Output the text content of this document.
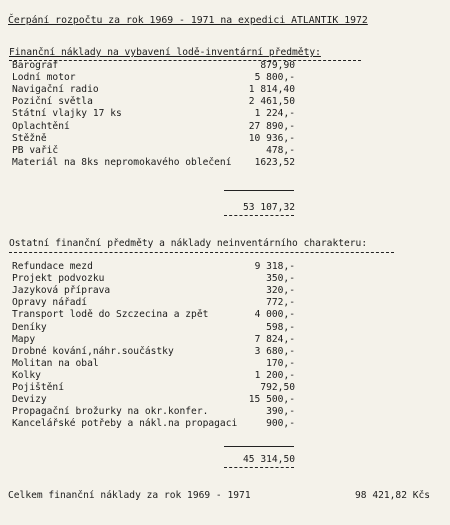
Čerpání rozpočtu za rok 1969 - 1971 na expedici ATLANTIK 1972
Finanční náklady na vybavení lodě-inventární předměty:
Barograf	879,90
Lodní motor	5 800,-
Navigační radio	1 814,40
Poziční světla	2 461,50
Státní vlajky 17 ks	1 224,-
Oplachtění	27 890,-
Stěžně	10 936,-
PB vařič	478,-
Materiál na 8ks nepromokavého oblečení	1623,52
53 107,32
Ostatní finanční předměty a náklady neinventárního charakteru:
Refundace mezd	9 318,-
Projekt podvozku	350,-
Jazyková příprava	320,-
Opravy nářadí	772,-
Transport lodě do Szczecina a zpět	4 000,-
Deníky	598,-
Mapy	7 824,-
Drobné kování,náhr.součástky	3 680,-
Molitan na obal	170,-
Kolky	1 200,-
Pojištění	792,50
Devizy	15 500,-
Propagační brožurky na okr.konfer.	390,-
Kancelářské potřeby a nákl.na propagaci	900,-
45 314,50
Celkem finanční náklady za rok 1969 - 1971	98 421,82 Kčs
